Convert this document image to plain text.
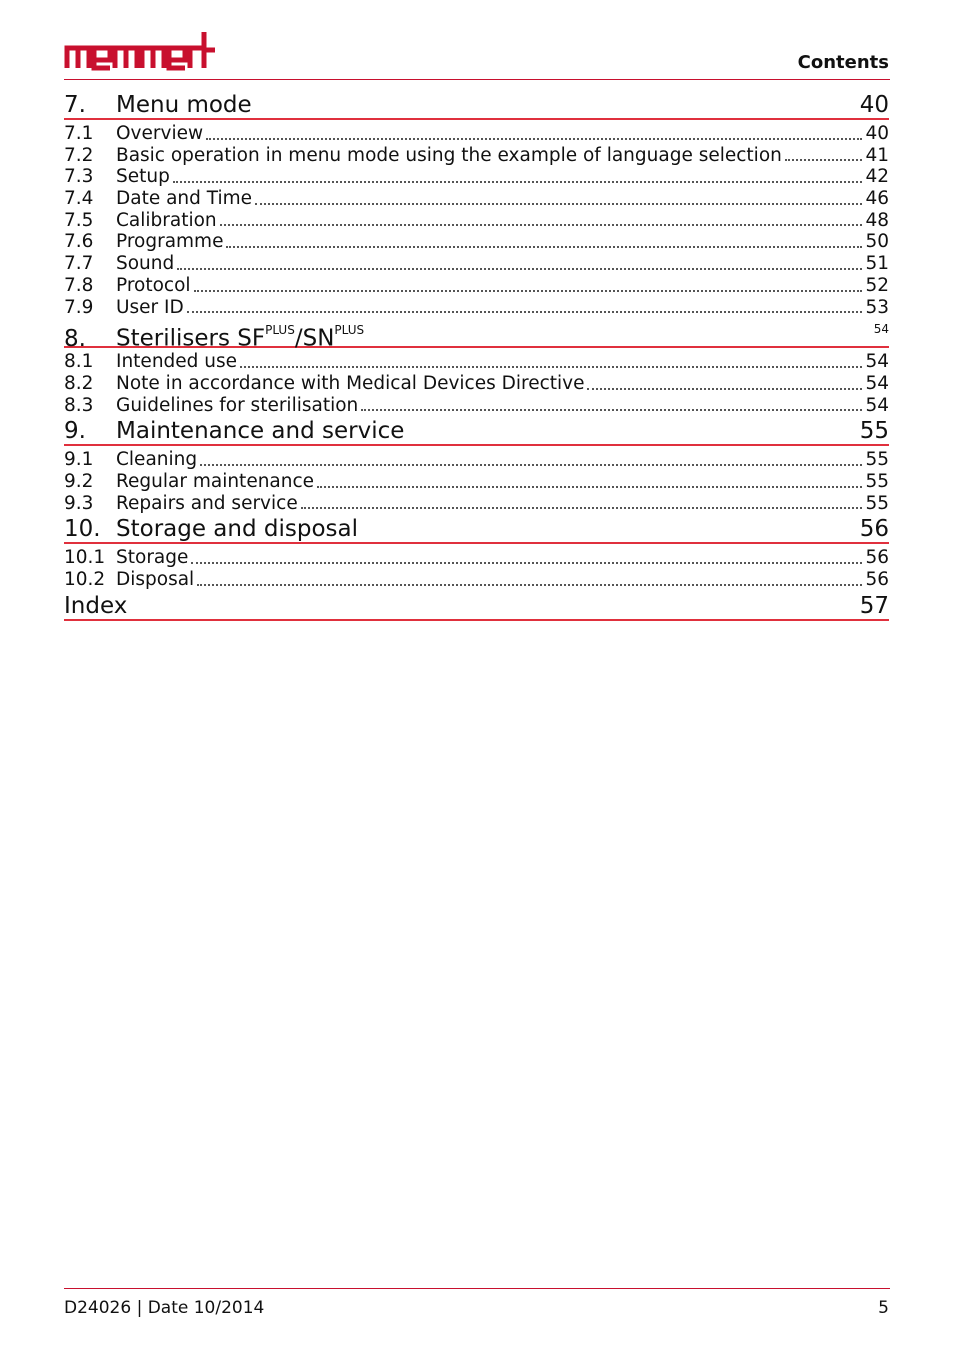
Contents
7.	Menu mode	40
7.1	Overview	40
7.2	Basic operation in menu mode using the example of language selection	41
7.3	Setup	42
7.4	Date and Time	46
7.5	Calibration	48
7.6	Programme	50
7.7	Sound	51
7.8	Protocol	52
7.9	User ID	53
8.	Sterilisers $SF^{PLUS}/SN^{PLUS}$	54
8.1	Intended use	54
8.2	Note in accordance with Medical Devices Directive	54
8.3	Guidelines for sterilisation	54
9.	Maintenance and service	55
9.1	Cleaning	55
9.2	Regular maintenance	55
9.3	Repairs and service	55
10. Storage and disposal	56
10.1 Storage	56
10.2 Disposal	56
Index	57
D24026 | Date 10/2014	5
